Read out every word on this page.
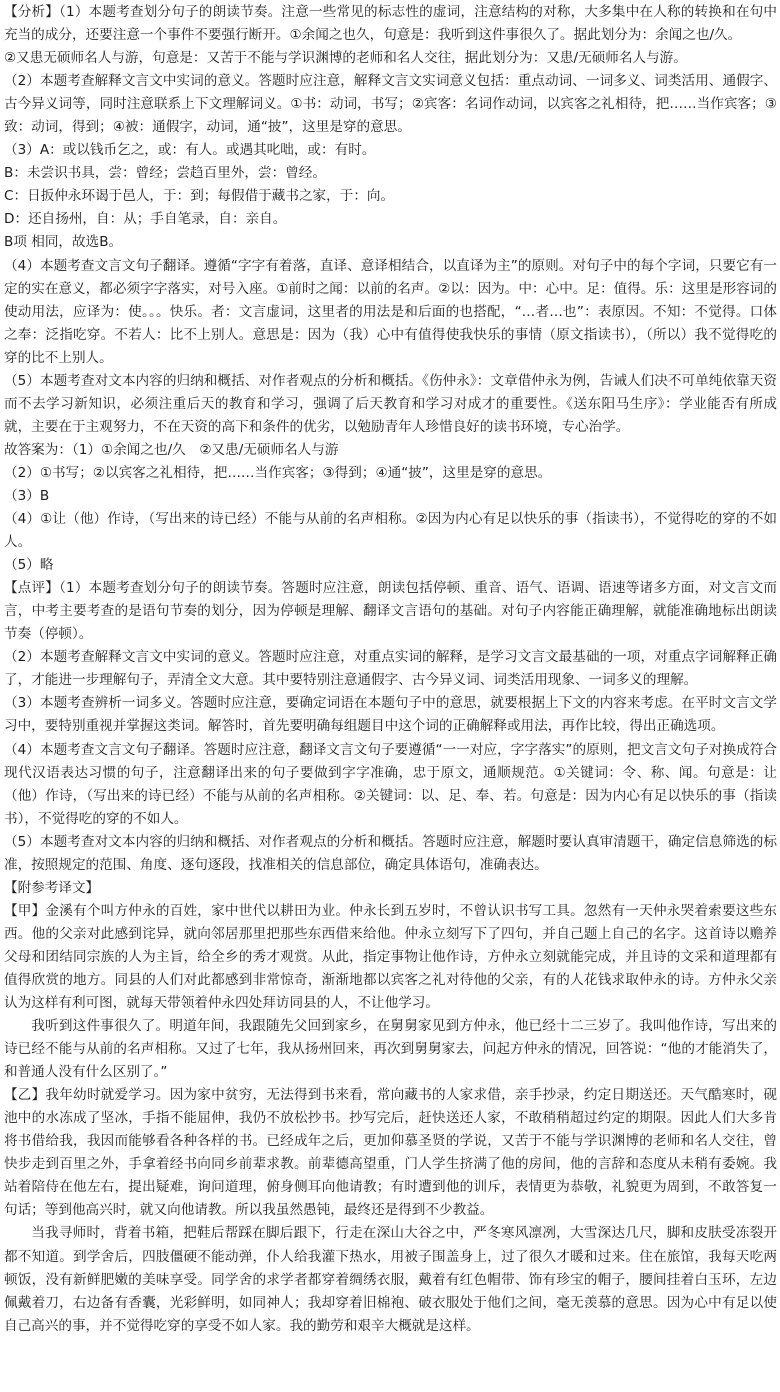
【分析】（1）本题考查划分句子的朗读节奏。注意一些常见的标志性的虚词，注意结构的对称，大多集中在人称的转换和在句中充当的成分，还要注意一个事件不要强行断开。①余闻之也久，句意是：我听到这件事很久了。据此划分为：余闻之也/久。

②又患无硕师名人与游，句意是：又苦于不能与学识渊博的老师和名人交往，据此划分为：又患/无硕师名人与游。

（2）本题考查解释文言文中实词的意义。答题时应注意，解释文言文实词意义包括：重点动词、一词多义、词类活用、通假字、古今异义词等，同时注意联系上下文理解词义。①书：动词，书写；②宾客：名词作动词，以宾客之礼相待，把……当作宾客；③致：动词，得到；④被：通假字，动词，通“披”，这里是穿的意思。

（3）A：或以钱币乞之，或：有人。或遇其叱咄，或：有时。

B：未尝识书具，尝：曾经；尝趋百里外，尝：曾经。

C：日扳仲永环谒于邑人，于：到；每假借于藏书之家，于：向。

D：还自扬州，自：从；手自笔录，自：亲自。

B项 相同，故选B。

（4）本题考查文言文句子翻译。遵循“字字有着落，直译、意译相结合，以直译为主”的原则。对句子中的每个字词，只要它有一定的实在意义，都必须字字落实，对号入座。①前时之闻：以前的名声。②以：因为。中：心中。足：值得。乐：这里是形容词的使动用法，应译为：使。。。快乐。者：文言虚词，这里者的用法是和后面的也搭配，“…者…也”：表原因。不知：不觉得。口体之奉：泛指吃穿。不若人：比不上别人。意思是：因为（我）心中有值得使我快乐的事情（原文指读书），（所以）我不觉得吃的穿的比不上别人。

（5）本题考查对文本内容的归纳和概括、对作者观点的分析和概括。《伤仲永》：文章借仲永为例，告诫人们决不可单纯依靠天资而不去学习新知识，必须注重后天的教育和学习，强调了后天教育和学习对成才的重要性。《送东阳马生序》：学业能否有所成就，主要在于主观努力，不在天资的高下和条件的优劣，以勉励青年人珍惜良好的读书环境，专心治学。

故答案为：（1）①余闻之也/久　②又患/无硕师名人与游

（2）①书写；②以宾客之礼相待，把……当作宾客；③得到；④通“披”，这里是穿的意思。

（3）B

（4）①让（他）作诗，（写出来的诗已经）不能与从前的名声相称。②因为内心有足以快乐的事（指读书），不觉得吃的穿的不如人。

（5）略

【点评】（1）本题考查划分句子的朗读节奏。答题时应注意，朗读包括停顿、重音、语气、语调、语速等诸多方面，对文言文而言，中考主要考查的是语句节奏的划分，因为停顿是理解、翻译文言语句的基础。对句子内容能正确理解，就能准确地标出朗读节奏（停顿）。

（2）本题考查解释文言文中实词的意义。答题时应注意，对重点实词的解释，是学习文言文最基础的一项，对重点字词解释正确了，才能进一步理解句子，弄清全文大意。其中要特别注意通假字、古今异义词、词类活用现象、一词多义的理解。

（3）本题考查辨析一词多义。答题时应注意，要确定词语在本题句子中的意思，就要根据上下文的内容来考虑。在平时文言文学习中，要特别重视并掌握这类词。解答时，首先要明确每组题目中这个词的正确解释或用法，再作比较，得出正确选项。

（4）本题考查文言文句子翻译。答题时应注意，翻译文言文句子要遵循“一一对应，字字落实”的原则，把文言文句子对换成符合现代汉语表达习惯的句子，注意翻译出来的句子要做到字字准确，忠于原文，通顺规范。①关键词：令、称、闻。句意是：让（他）作诗，（写出来的诗已经）不能与从前的名声相称。②关键词：以、足、奉、若。句意是：因为内心有足以快乐的事（指读书），不觉得吃的穿的不如人。

（5）本题考查对文本内容的归纳和概括、对作者观点的分析和概括。答题时应注意，解题时要认真审清题干，确定信息筛选的标准，按照规定的范围、角度、逐句逐段，找准相关的信息部位，确定具体语句，准确表达。

【附参考译文】

【甲】金溪有个叫方仲永的百姓，家中世代以耕田为业。仲永长到五岁时，不曾认识书写工具。忽然有一天仲永哭着索要这些东西。他的父亲对此感到诧异，就向邻居那里把那些东西借来给他。仲永立刻写下了四句，并自己题上自己的名字。这首诗以赡养父母和团结同宗族的人为主旨，给全乡的秀才观赏。从此，指定事物让他作诗，方仲永立刻就能完成，并且诗的文采和道理都有值得欣赏的地方。同县的人们对此都感到非常惊奇，渐渐地都以宾客之礼对待他的父亲，有的人花钱求取仲永的诗。方仲永父亲认为这样有利可图，就每天带领着仲永四处拜访同县的人，不让他学习。

我听到这件事很久了。明道年间，我跟随先父回到家乡，在舅舅家见到方仲永，他已经十二三岁了。我叫他作诗，写出来的诗已经不能与从前的名声相称。又过了七年，我从扬州回来，再次到舅舅家去，问起方仲永的情况，回答说：“他的才能消失了，和普通人没有什么区别了。”

【乙】我年幼时就爱学习。因为家中贫穷，无法得到书来看，常向藏书的人家求借，亲手抄录，约定日期送还。天气酷寒时，砚池中的水冻成了坚冰，手指不能屈伸，我仍不放松抄书。抄写完后，赶快送还人家，不敢稍稍超过约定的期限。因此人们大多肯将书借给我，我因而能够看各种各样的书。已经成年之后，更加仰慕圣贤的学说，又苦于不能与学识渊博的老师和名人交往，曾快步走到百里之外，手拿着经书向同乡前辈求教。前辈德高望重，门人学生挤满了他的房间，他的言辞和态度从未稍有委婉。我站着陪侍在他左右，提出疑难，询问道理，俯身侧耳向他请教；有时遭到他的训斥，表情更为恭敬，礼貌更为周到，不敢答复一句话；等到他高兴时，就又向他请教。所以我虽然愚钝，最终还是得到不少教益。

当我寻师时，背着书箱，把鞋后帮踩在脚后跟下，行走在深山大谷之中，严冬寒风凛冽，大雪深达几尺，脚和皮肤受冻裂开都不知道。到学舍后，四肢僵硬不能动弹，仆人给我灌下热水，用被子围盖身上，过了很久才暖和过来。住在旅馆，我每天吃两顿饭，没有新鲜肥嫩的美味享受。同学舍的求学者都穿着绸绣衣服，戴着有红色帽带、饰有珍宝的帽子，腰间挂着白玉环，左边佩戴着刀，右边备有香囊，光彩鲜明，如同神人；我却穿着旧棉袍、破衣服处于他们之间，毫无羡慕的意思。因为心中有足以使自己高兴的事，并不觉得吃穿的享受不如人家。我的勤劳和艰辛大概就是这样。
